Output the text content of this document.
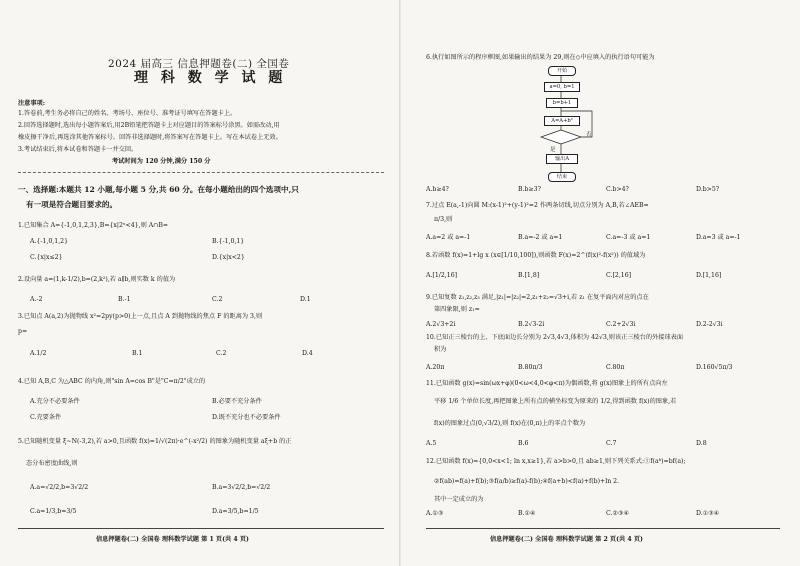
2024 届高三 信息押题卷(二) 全国卷
理 科 数 学 试 题
注意事项:
1.答卷前,考生务必将自己的姓名、考场号、座位号、准考证号填写在答题卡上。
2.回答选择题时,选出每小题答案后,用2B铅笔把答题卡上对应题目的答案标号涂黑。如需改动,用
橡皮擦干净后,再选涂其他答案标号。回答非选择题时,将答案写在答题卡上。写在本试卷上无效。
3.考试结束后,将本试卷和答题卡一并交回。
考试时间为 120 分钟,满分 150 分
一、选择题:本题共 12 小题,每小题 5 分,共 60 分。在每小题给出的四个选项中,只
有一项是符合题目要求的。
1.已知集合 A={-1,0,1,2,3},B={x|2ˣ<4},则 A∩B=
A.{-1,0,1,2}	B.{-1,0,1}
C.{x|x≤2}	D.{x|x<2}
2.设向量 a=(1,k-1/2),b=(2,k²),若 a∥b,则实数 k 的值为
A.-2	B.-1	C.2	D.1
3.已知点 A(a,2)为抛物线 x²=2py(p>0)上一点,且点 A 到抛物线的焦点 F 的距离为 3,则
p=
A.1/2	B.1	C.2	D.4
4.已知 A,B,C 为△ABC 的内角,则"sin A=cos B"是"C=π/2"成立的
A.充分不必要条件	B.必要不充分条件
C.充要条件	D.既不充分也不必要条件
5.已知随机变量 ξ~N(-3,2),若 a>0,且函数 f(x)=1/√(2π)·e^(-x²/2) 的图象为随机变量 aξ+b 的正
态分布密度曲线,则
A.a=√2/2,b=3√2/2	B.a=3√2/2,b=√2/2
C.a=1/3,b=3/5	D.a=3/5,b=1/5
信息押题卷(二) 全国卷 理科数学试题 第 1 页(共 4 页)
6.执行如图所示的程序框图,如果输出的结果为 29,则在◇中应填入的执行语句可能为
开始
a=0, b=1
b=b+1
A=A+b²
否
是
输出A
结束
A.b≥4?	B.b≥3?	C.b>4?	D.b>5?
7.过点 E(a,-1)向圆 M:(x-1)²+(y-1)²=2 作两条切线,切点分别为 A,B,若∠AEB=
π/3,则
A.a=2 或 a=-1	B.a=-2 或 a=1	C.a=-3 或 a=1	D.a=3 或 a=-1
8.若函数 f(x)=1+lg x (x∈[1/10,100]),则函数 F(x)=2^(f(x)²-f(x²)) 的值域为
A.[1/2,16]	B.[1,8]	C.[2,16]	D.[1,16]
9.已知复数 z₁,z₂,z₃ 满足,|z₁|=|z₂|=2,z₁+z₂=√3+i,若 z₁ 在复平面内对应的点在
第四象限,则 z₁=
A.2√3+2i	B.2√3-2i	C.2+2√3i	D.2-2√3i
10.已知正三棱台的上、下底面边长分别为 2√3,4√3,体积为 42√3,则该正三棱台的外接球表面
积为
A.20π	B.80π/3	C.80π	D.160√5π/3
11.已知函数 g(x)=sin(ωx+φ)(0<ω<4,0<φ<π)为偶函数,将 g(x)图象上的所有点向左
平移 1/6 个单位长度,再把图象上所有点的横坐标变为原来的 1/2,得到函数 f(x)的图象,若
f(x)的图象过点(0,√3/2),则 f(x)在(0,π)上的零点个数为
A.5	B.6	C.7	D.8
12.已知函数 f(x)={0,0<x<1; ln x,x≥1},若 a>b>0,且 ab≥1,则下列关系式:①f(aᵇ)=bf(a);
②f(ab)=f(a)+f(b);③f(a/b)≥f(a)-f(b);④f(a+b)<f(a)+f(b)+ln 2.
其中一定成立的为
A.①③	B.①④	C.②③④	D.①③④
信息押题卷(二) 全国卷 理科数学试题 第 2 页(共 4 页)
